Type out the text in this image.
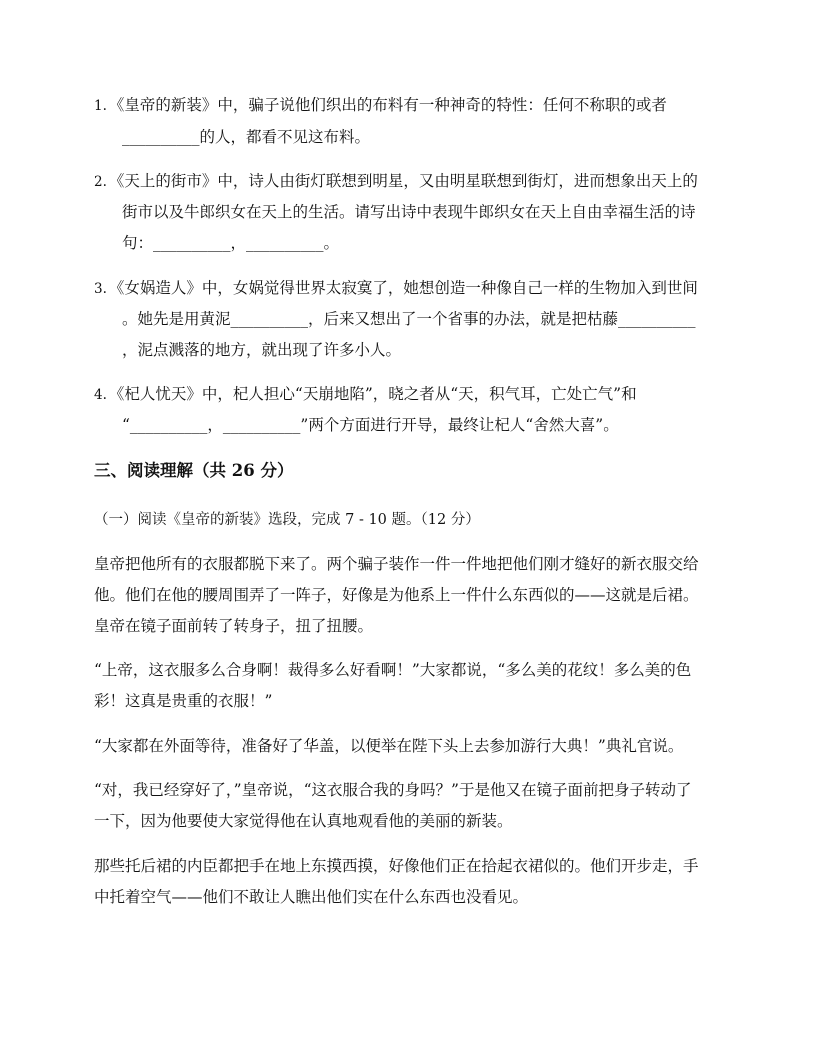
1. 《皇帝的新装》中，骗子说他们织出的布料有一种神奇的特性：任何不称职的或者
__________的人，都看不见这布料。
2. 《天上的街市》中，诗人由街灯联想到明星，又由明星联想到街灯，进而想象出天上的
街市以及牛郎织女在天上的生活。请写出诗中表现牛郎织女在天上自由幸福生活的诗
句：__________，__________。
3. 《女娲造人》中，女娲觉得世界太寂寞了，她想创造一种像自己一样的生物加入到世间
。她先是用黄泥__________，后来又想出了一个省事的办法，就是把枯藤__________
，泥点溅落的地方，就出现了许多小人。
4. 《杞人忧天》中，杞人担心“天崩地陷”，晓之者从“天，积气耳，亡处亡气”和
“__________，__________”两个方面进行开导，最终让杞人“舍然大喜”。
三、阅读理解（共 26 分）
（一）阅读《皇帝的新装》选段，完成 7 - 10 题。（12 分）
皇帝把他所有的衣服都脱下来了。两个骗子装作一件一件地把他们刚才缝好的新衣服交给
他。他们在他的腰周围弄了一阵子，好像是为他系上一件什么东西似的——这就是后裙。
皇帝在镜子面前转了转身子，扭了扭腰。
“上帝，这衣服多么合身啊！裁得多么好看啊！”大家都说，“多么美的花纹！多么美的色
彩！这真是贵重的衣服！”
“大家都在外面等待，准备好了华盖，以便举在陛下头上去参加游行大典！”典礼官说。
“对，我已经穿好了，”皇帝说，“这衣服合我的身吗？”于是他又在镜子面前把身子转动了
一下，因为他要使大家觉得他在认真地观看他的美丽的新装。
那些托后裙的内臣都把手在地上东摸西摸，好像他们正在拾起衣裙似的。他们开步走，手
中托着空气——他们不敢让人瞧出他们实在什么东西也没看见。
